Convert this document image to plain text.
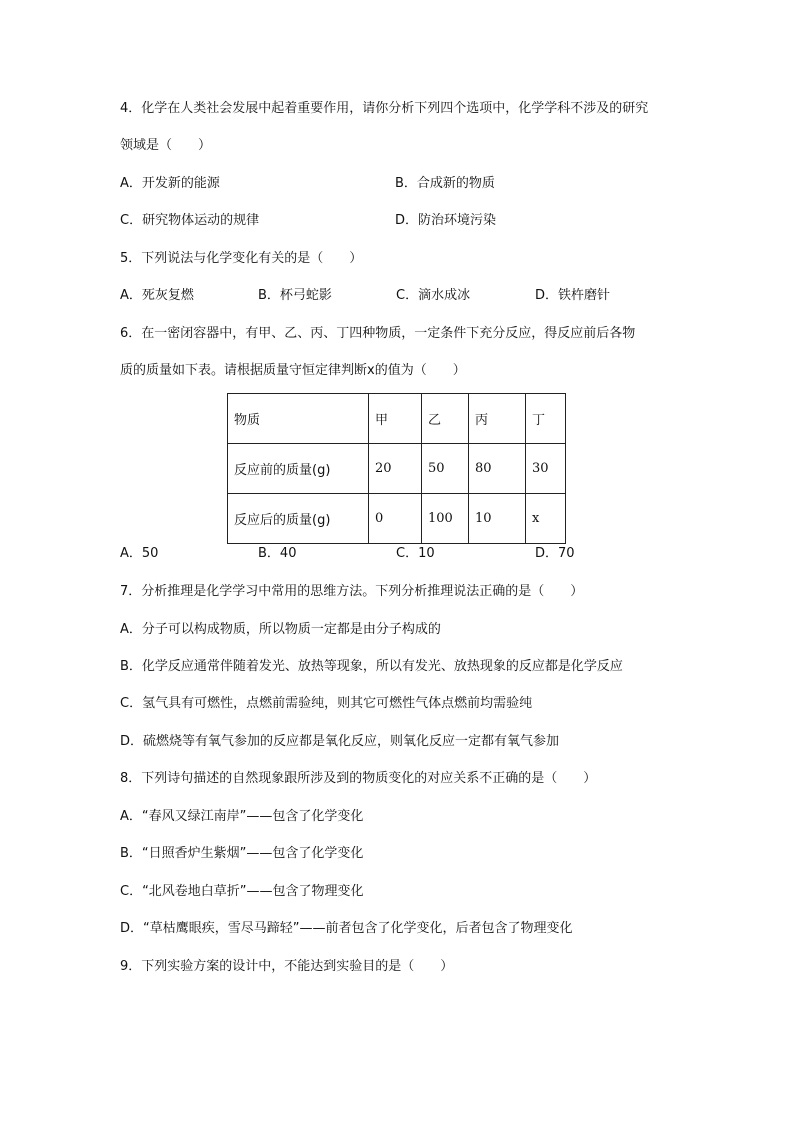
4．化学在人类社会发展中起着重要作用，请你分析下列四个选项中，化学学科不涉及的研究
领域是（　　）
A．开发新的能源	B．合成新的物质
C．研究物体运动的规律	D．防治环境污染
5．下列说法与化学变化有关的是（　　）
A．死灰复燃	B．杯弓蛇影	C．滴水成冰	D．铁杵磨针
6．在一密闭容器中，有甲、乙、丙、丁四种物质，一定条件下充分反应，得反应前后各物
质的质量如下表。请根据质量守恒定律判断x的值为（　　）
物质	甲	乙	丙	丁
反应前的质量(g)	20	50	80	30
反应后的质量(g)	0	100	10	x
A．50	B．40	C．10	D．70
7．分析推理是化学学习中常用的思维方法。下列分析推理说法正确的是（　　）
A．分子可以构成物质，所以物质一定都是由分子构成的
B．化学反应通常伴随着发光、放热等现象，所以有发光、放热现象的反应都是化学反应
C．氢气具有可燃性，点燃前需验纯，则其它可燃性气体点燃前均需验纯
D．硫燃烧等有氧气参加的反应都是氧化反应，则氧化反应一定都有氧气参加
8．下列诗句描述的自然现象跟所涉及到的物质变化的对应关系不正确的是（　　）
A．“春风又绿江南岸”——包含了化学变化
B．“日照香炉生紫烟”——包含了化学变化
C．“北风卷地白草折”——包含了物理变化
D．“草枯鹰眼疾，雪尽马蹄轻”——前者包含了化学变化，后者包含了物理变化
9．下列实验方案的设计中，不能达到实验目的是（　　）
